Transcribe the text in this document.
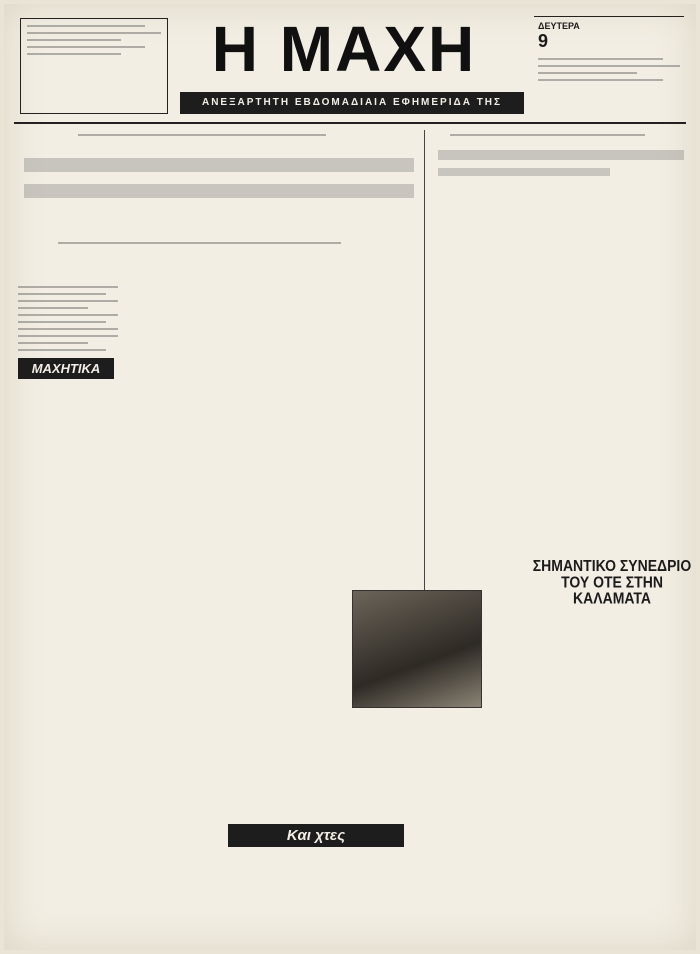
Η ΜΑΧΗ
ΑΝΕΞΑΡΤΗΤΗ ΕΒΔΟΜΑΔΙΑΙΑ ΕΦΗΜΕΡΙΔΑ ΤΗΣ ΜΕΣΣΗΝΙΑΣ
ΔΕΥΤΕΡΑ
9
ΜΑΧΗΤΙΚΑ
Και χτες
ΣΗΜΑΝΤΙΚΟ ΣΥΝΕΔΡΙΟ ΤΟΥ ΟΤΕ ΣΤΗΝ ΚΑΛΑΜΑΤΑ
